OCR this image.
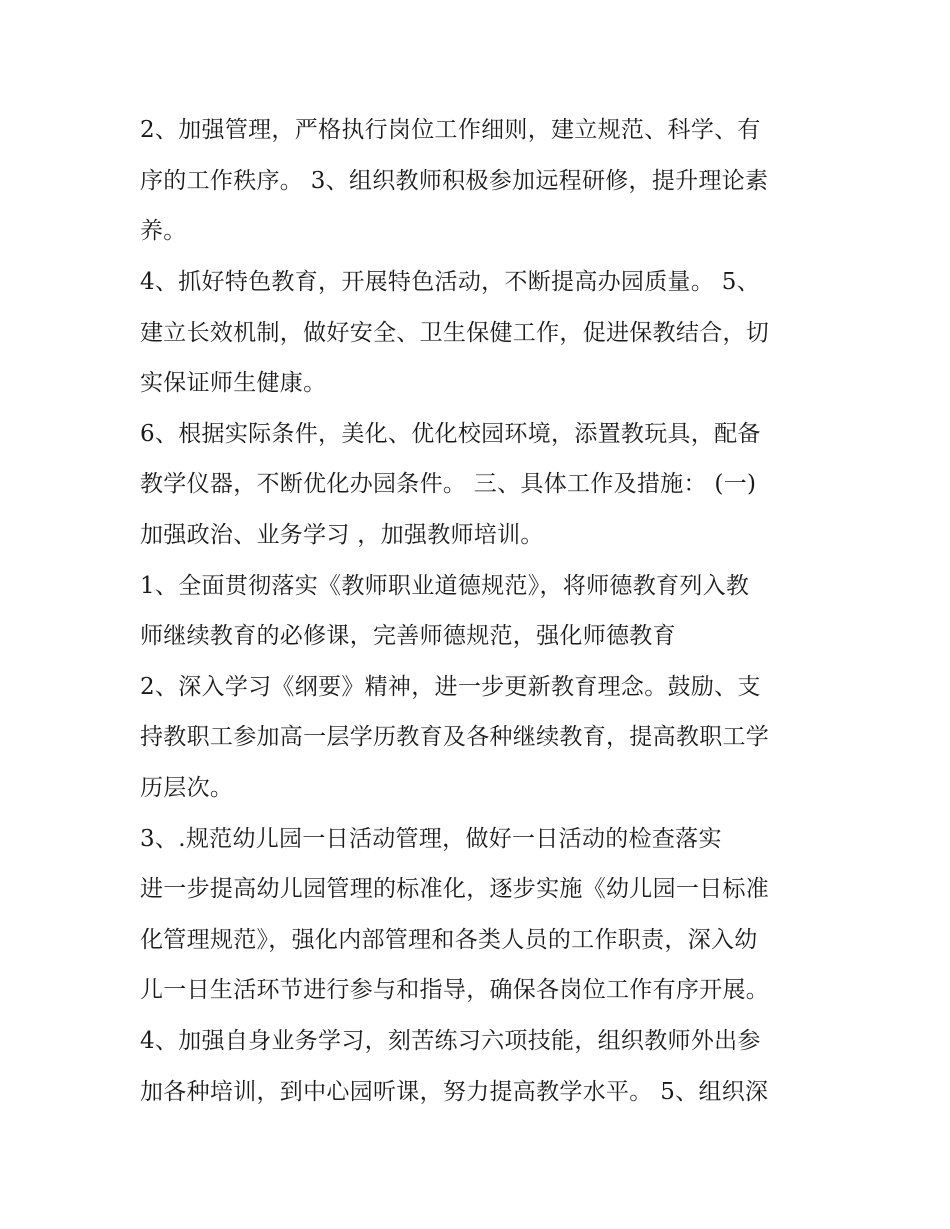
2、加强管理，严格执行岗位工作细则，建立规范、科学、有
序的工作秩序。 3、组织教师积极参加远程研修，提升理论素
养。
4、抓好特色教育，开展特色活动，不断提高办园质量。 5、
建立长效机制，做好安全、卫生保健工作，促进保教结合，切
实保证师生健康。
6、根据实际条件，美化、优化校园环境，添置教玩具，配备
教学仪器，不断优化办园条件。 三、具体工作及措施： (一)
加强政治、业务学习 ，加强教师培训。
1、全面贯彻落实《教师职业道德规范》，将师德教育列入教
师继续教育的必修课，完善师德规范，强化师德教育
2、深入学习《纲要》精神，进一步更新教育理念。鼓励、支
持教职工参加高一层学历教育及各种继续教育，提高教职工学
历层次。
3、.规范幼儿园一日活动管理，做好一日活动的检查落实
进一步提高幼儿园管理的标准化，逐步实施《幼儿园一日标准
化管理规范》，强化内部管理和各类人员的工作职责，深入幼
儿一日生活环节进行参与和指导，确保各岗位工作有序开展。
4、加强自身业务学习，刻苦练习六项技能，组织教师外出参
加各种培训，到中心园听课，努力提高教学水平。 5、组织深
